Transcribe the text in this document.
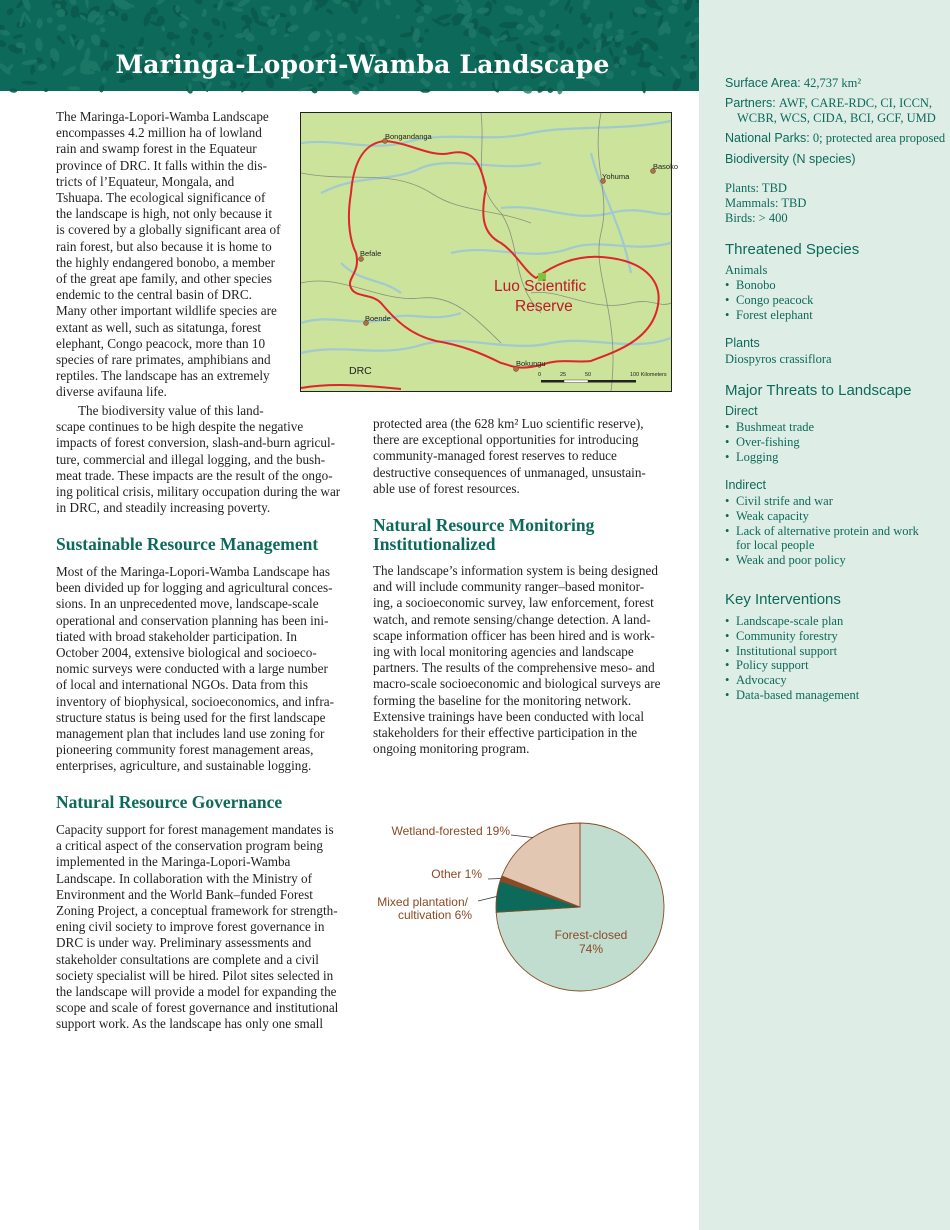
Maringa-Lopori-Wamba Landscape
Surface Area: 42,737 km²
Partners: AWF, CARE-RDC, CI, ICCN,
WCBR, WCS, CIDA, BCI, GCF, UMD
National Parks: 0; protected area proposed
Biodiversity (N species)
Plants: TBD
Mammals: TBD
Birds: > 400
Threatened Species
Animals
• Bonobo
• Congo peacock
• Forest elephant
Plants
Diospyros crassiflora
Major Threats to Landscape
Direct
• Bushmeat trade
• Over-fishing
• Logging
Indirect
• Civil strife and war
• Weak capacity
• Lack of alternative protein and work for local people
• Weak and poor policy
Key Interventions
• Landscape-scale plan
• Community forestry
• Institutional support
• Policy support
• Advocacy
• Data-based management
Bongandanga
Yohuma
Basoko
Befale
Boende
Bokungu
Luo Scientific
Reserve
DRC	0	25	50	100 Kilometers
The Maringa-Lopori-Wamba Landscape
encompasses 4.2 million ha of lowland
rain and swamp forest in the Equateur
province of DRC. It falls within the dis-
tricts of l’Equateur, Mongala, and
Tshuapa. The ecological significance of
the landscape is high, not only because it
is covered by a globally significant area of
rain forest, but also because it is home to
the highly endangered bonobo, a member
of the great ape family, and other species
endemic to the central basin of DRC.
Many other important wildlife species are
extant as well, such as sitatunga, forest
elephant, Congo peacock, more than 10
species of rare primates, amphibians and
reptiles. The landscape has an extremely
diverse avifauna life.
The biodiversity value of this land-
scape continues to be high despite the negative
impacts of forest conversion, slash-and-burn agricul-
ture, commercial and illegal logging, and the bush-
meat trade. These impacts are the result of the ongo-
ing political crisis, military occupation during the war
in DRC, and steadily increasing poverty.
protected area (the 628 km² Luo scientific reserve),
there are exceptional opportunities for introducing
community-managed forest reserves to reduce
destructive consequences of unmanaged, unsustain-
able use of forest resources.
Sustainable Resource Management
Most of the Maringa-Lopori-Wamba Landscape has
been divided up for logging and agricultural conces-
sions. In an unprecedented move, landscape-scale
operational and conservation planning has been ini-
tiated with broad stakeholder participation. In
October 2004, extensive biological and socioeco-
nomic surveys were conducted with a large number
of local and international NGOs. Data from this
inventory of biophysical, socioeconomics, and infra-
structure status is being used for the first landscape
management plan that includes land use zoning for
pioneering community forest management areas,
enterprises, agriculture, and sustainable logging.
Natural Resource Governance
Capacity support for forest management mandates is
a critical aspect of the conservation program being
implemented in the Maringa-Lopori-Wamba
Landscape. In collaboration with the Ministry of
Environment and the World Bank–funded Forest
Zoning Project, a conceptual framework for strength-
ening civil society to improve forest governance in
DRC is under way. Preliminary assessments and
stakeholder consultations are complete and a civil
society specialist will be hired. Pilot sites selected in
the landscape will provide a model for expanding the
scope and scale of forest governance and institutional
support work. As the landscape has only one small
Natural Resource Monitoring
Institutionalized
The landscape’s information system is being designed
and will include community ranger–based monitor-
ing, a socioeconomic survey, law enforcement, forest
watch, and remote sensing/change detection. A land-
scape information officer has been hired and is work-
ing with local monitoring agencies and landscape
partners. The results of the comprehensive meso- and
macro-scale socioeconomic and biological surveys are
forming the baseline for the monitoring network.
Extensive trainings have been conducted with local
stakeholders for their effective participation in the
ongoing monitoring program.
Forest-closed
74%
Mixed plantation/
cultivation 6%
Other 1%
Wetland-forested 19%
